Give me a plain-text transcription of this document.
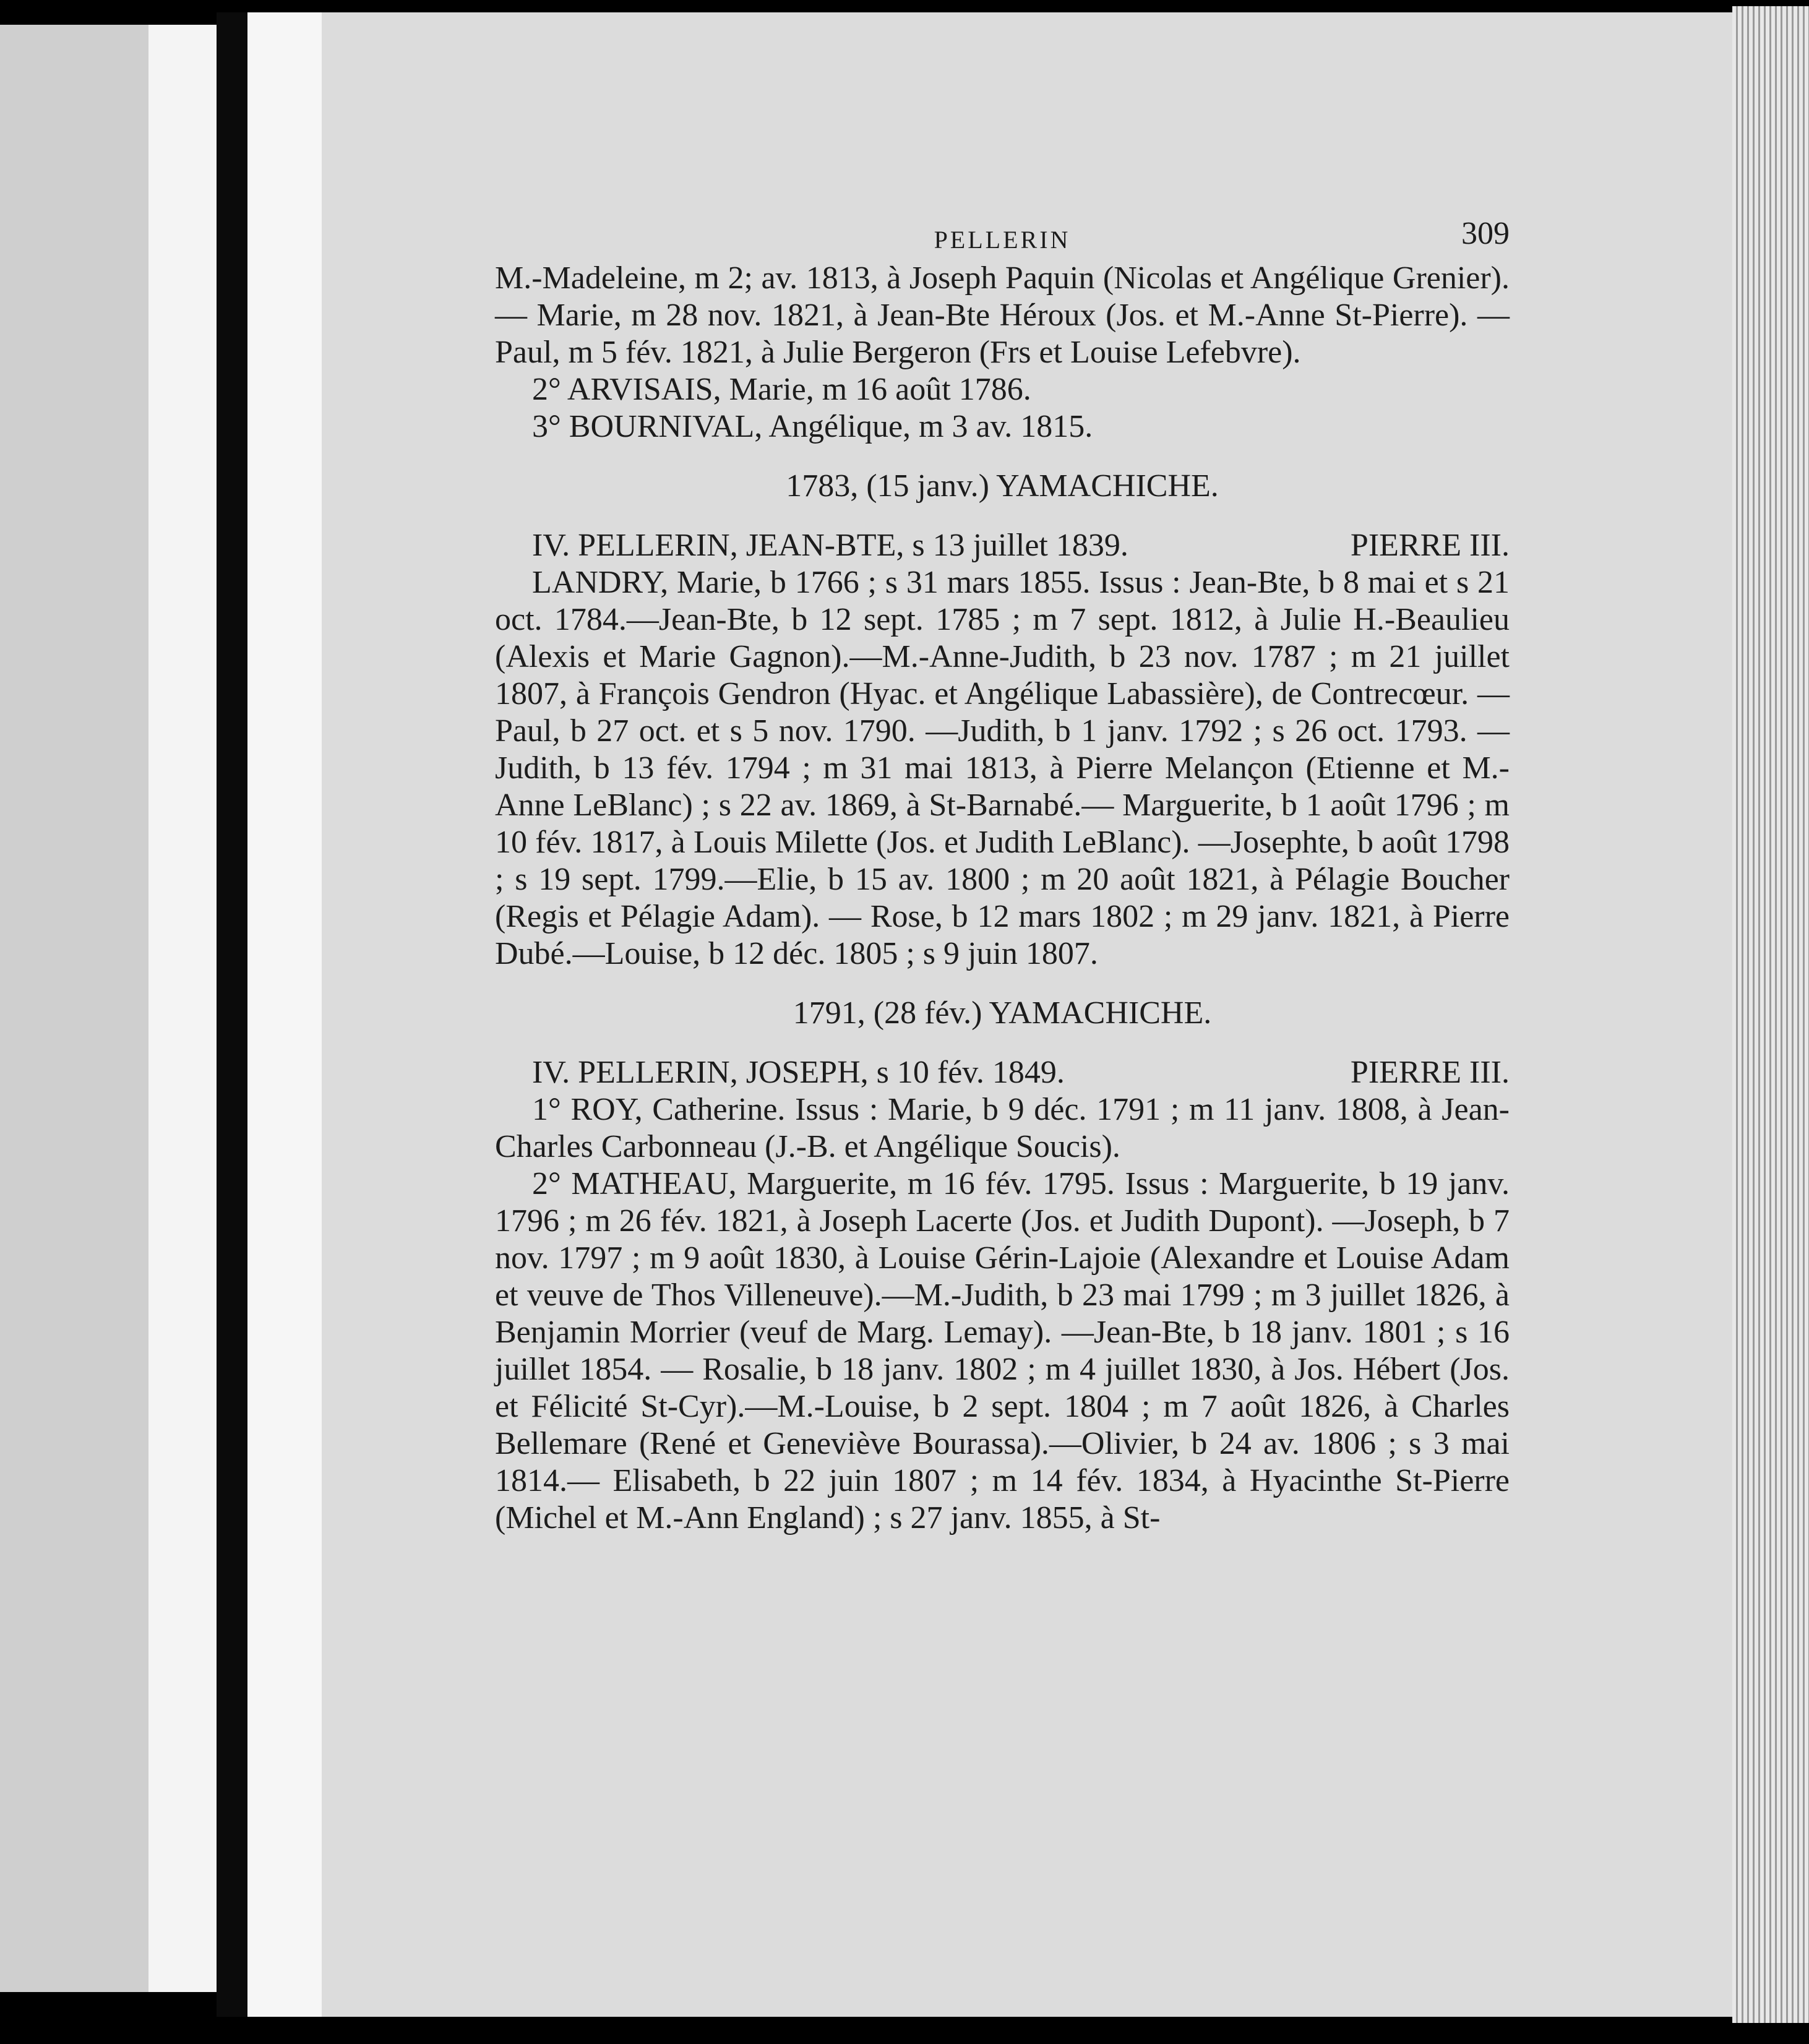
PELLERIN	309

M.-Madeleine, m 2; av. 1813, à Joseph Paquin (Nicolas et Angélique Grenier). — Marie, m 28 nov. 1821, à Jean-Bte Héroux (Jos. et M.-Anne St-Pierre). — Paul, m 5 fév. 1821, à Julie Bergeron (Frs et Louise Lefebvre).

2° ARVISAIS, Marie, m 16 août 1786.

3° BOURNIVAL, Angélique, m 3 av. 1815.

1783, (15 janv.) YAMACHICHE.

IV. PELLERIN, JEAN-BTE, s 13 juillet 1839.	PIERRE III.

LANDRY, Marie, b 1766 ; s 31 mars 1855. Issus : Jean-Bte, b 8 mai et s 21 oct. 1784.—Jean-Bte, b 12 sept. 1785 ; m 7 sept. 1812, à Julie H.-Beaulieu (Alexis et Marie Gagnon).—M.-Anne-Judith, b 23 nov. 1787 ; m 21 juillet 1807, à François Gendron (Hyac. et Angélique Labassière), de Contrecœur. — Paul, b 27 oct. et s 5 nov. 1790. —Judith, b 1 janv. 1792 ; s 26 oct. 1793. —Judith, b 13 fév. 1794 ; m 31 mai 1813, à Pierre Melançon (Etienne et M.-Anne LeBlanc) ; s 22 av. 1869, à St-Barnabé.— Marguerite, b 1 août 1796 ; m 10 fév. 1817, à Louis Milette (Jos. et Judith LeBlanc). —Josephte, b août 1798 ; s 19 sept. 1799.—Elie, b 15 av. 1800 ; m 20 août 1821, à Pélagie Boucher (Regis et Pélagie Adam). — Rose, b 12 mars 1802 ; m 29 janv. 1821, à Pierre Dubé.—Louise, b 12 déc. 1805 ; s 9 juin 1807.

1791, (28 fév.) YAMACHICHE.

IV. PELLERIN, JOSEPH, s 10 fév. 1849.	PIERRE III.

1° ROY, Catherine. Issus : Marie, b 9 déc. 1791 ; m 11 janv. 1808, à Jean-Charles Carbonneau (J.-B. et Angélique Soucis).

2° MATHEAU, Marguerite, m 16 fév. 1795. Issus : Marguerite, b 19 janv. 1796 ; m 26 fév. 1821, à Joseph Lacerte (Jos. et Judith Dupont). —Joseph, b 7 nov. 1797 ; m 9 août 1830, à Louise Gérin-Lajoie (Alexandre et Louise Adam et veuve de Thos Villeneuve).—M.-Judith, b 23 mai 1799 ; m 3 juillet 1826, à Benjamin Morrier (veuf de Marg. Lemay). —Jean-Bte, b 18 janv. 1801 ; s 16 juillet 1854. — Rosalie, b 18 janv. 1802 ; m 4 juillet 1830, à Jos. Hébert (Jos. et Félicité St-Cyr).—M.-Louise, b 2 sept. 1804 ; m 7 août 1826, à Charles Bellemare (René et Geneviève Bourassa).—Olivier, b 24 av. 1806 ; s 3 mai 1814.— Elisabeth, b 22 juin 1807 ; m 14 fév. 1834, à Hyacinthe St-Pierre (Michel et M.-Ann England) ; s 27 janv. 1855, à St-
